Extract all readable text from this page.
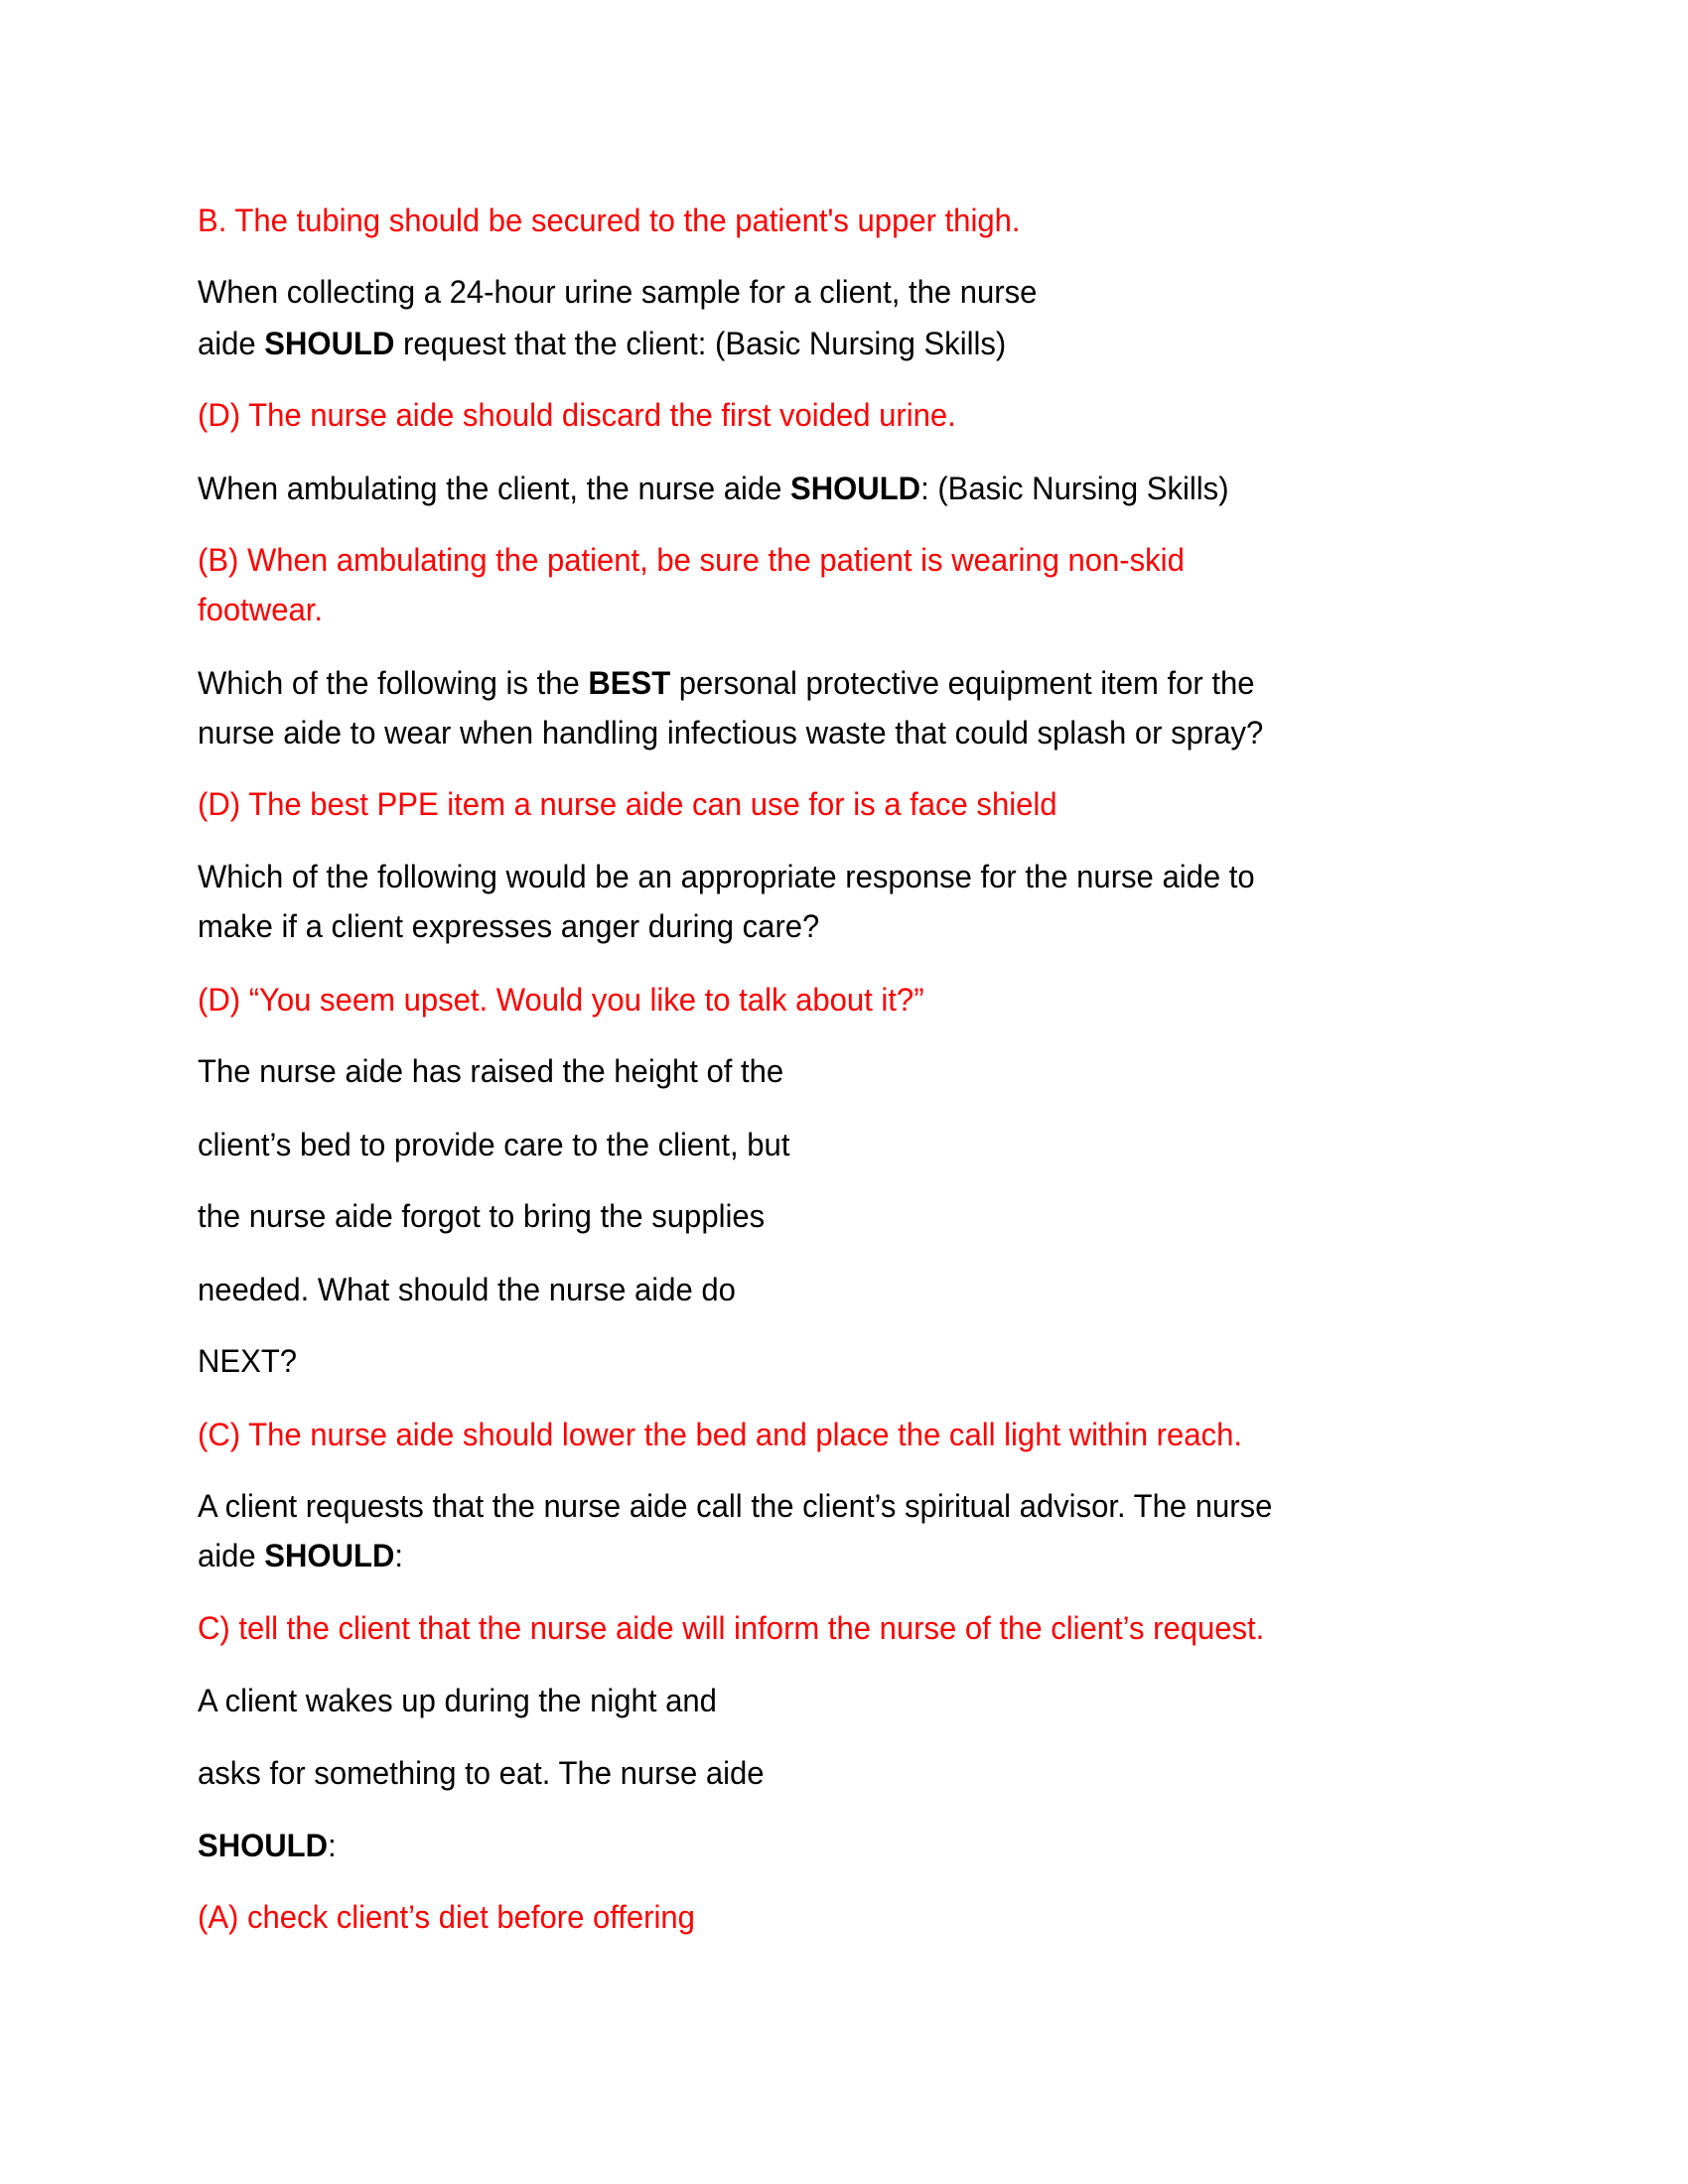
B. The tubing should be secured to the patient's upper thigh.
When collecting a 24-hour urine sample for a client, the nurse
aide SHOULD request that the client: (Basic Nursing Skills)
(D) The nurse aide should discard the first voided urine.
When ambulating the client, the nurse aide SHOULD: (Basic Nursing Skills)
(B) When ambulating the patient, be sure the patient is wearing non-skid
footwear.
Which of the following is the BEST personal protective equipment item for the
nurse aide to wear when handling infectious waste that could splash or spray?
(D) The best PPE item a nurse aide can use for is a face shield
Which of the following would be an appropriate response for the nurse aide to
make if a client expresses anger during care?
(D) “You seem upset. Would you like to talk about it?”
The nurse aide has raised the height of the
client’s bed to provide care to the client, but
the nurse aide forgot to bring the supplies
needed. What should the nurse aide do
NEXT?
(C) The nurse aide should lower the bed and place the call light within reach.
A client requests that the nurse aide call the client’s spiritual advisor. The nurse
aide SHOULD:
C) tell the client that the nurse aide will inform the nurse of the client’s request.
A client wakes up during the night and
asks for something to eat. The nurse aide
SHOULD:
(A) check client’s diet before offering
